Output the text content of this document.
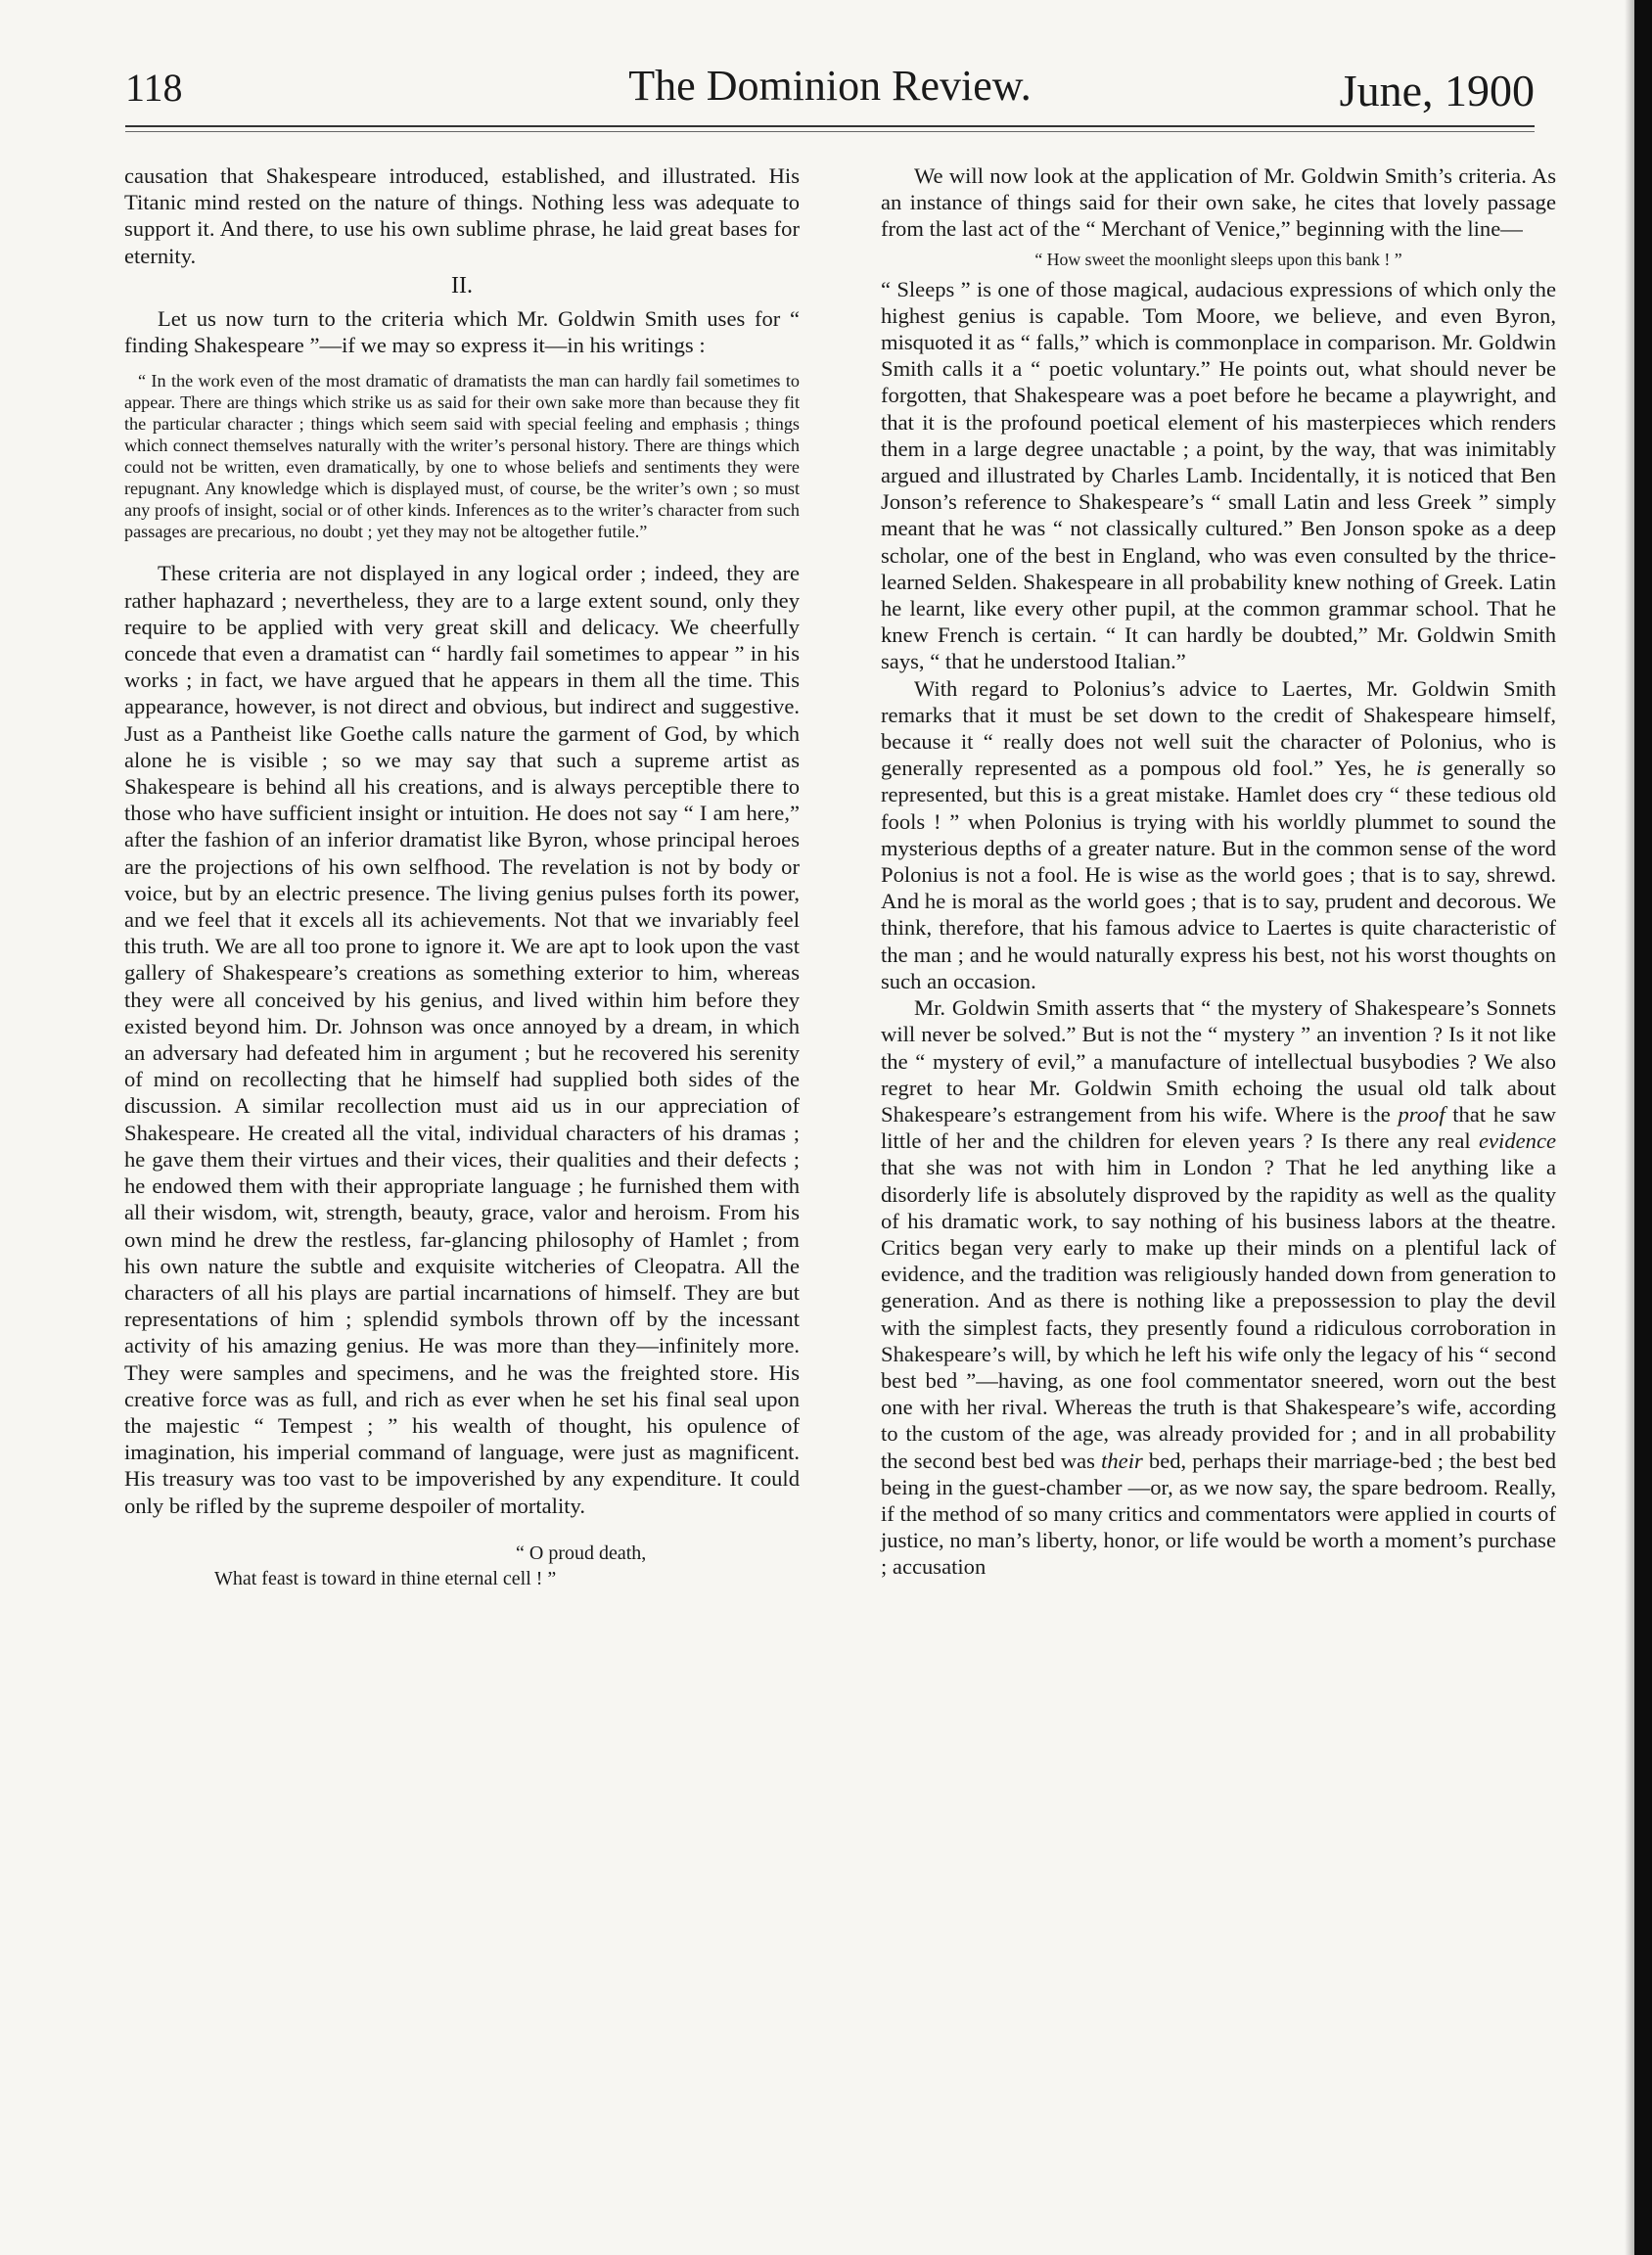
118	The Dominion Review.	June, 1900

causation that Shakespeare introduced, established, and illustrated. His Titanic mind rested on the nature of things. Nothing less was adequate to support it. And there, to use his own sublime phrase, he laid great bases for eternity.

II.

Let us now turn to the criteria which Mr. Goldwin Smith uses for “ finding Shakespeare ”—if we may so express it—in his writings :

“ In the work even of the most dramatic of dramatists the man can hardly fail sometimes to appear. There are things which strike us as said for their own sake more than because they fit the particular character ; things which seem said with special feeling and emphasis ; things which connect themselves naturally with the writer’s personal history. There are things which could not be written, even dramatically, by one to whose beliefs and sentiments they were repugnant. Any knowledge which is displayed must, of course, be the writer’s own ; so must any proofs of insight, social or of other kinds. Inferences as to the writer’s character from such passages are precarious, no doubt ; yet they may not be altogether futile.”

These criteria are not displayed in any logical order ; indeed, they are rather haphazard ; nevertheless, they are to a large extent sound, only they require to be applied with very great skill and delicacy. We cheerfully concede that even a dramatist can “ hardly fail sometimes to appear ” in his works ; in fact, we have argued that he appears in them all the time. This appearance, however, is not direct and obvious, but indirect and suggestive. Just as a Pantheist like Goethe calls nature the garment of God, by which alone he is visible ; so we may say that such a supreme artist as Shakespeare is behind all his creations, and is always perceptible there to those who have sufficient insight or intuition. He does not say “ I am here,” after the fashion of an inferior dramatist like Byron, whose principal heroes are the projections of his own selfhood. The revelation is not by body or voice, but by an electric presence. The living genius pulses forth its power, and we feel that it excels all its achievements. Not that we invariably feel this truth. We are all too prone to ignore it. We are apt to look upon the vast gallery of Shakespeare’s creations as something exterior to him, whereas they were all conceived by his genius, and lived within him before they existed beyond him. Dr. Johnson was once annoyed by a dream, in which an adversary had defeated him in argument ; but he recovered his serenity of mind on recollecting that he himself had supplied both sides of the discussion. A similar recollection must aid us in our appreciation of Shakespeare. He created all the vital, individual characters of his dramas ; he gave them their virtues and their vices, their qualities and their defects ; he endowed them with their appropriate language ; he furnished them with all their wisdom, wit, strength, beauty, grace, valor and heroism. From his own mind he drew the restless, far-glancing philosophy of Hamlet ; from his own nature the subtle and exquisite witcheries of Cleopatra. All the characters of all his plays are partial incarnations of himself. They are but representations of him ; splendid symbols thrown off by the incessant activity of his amazing genius. He was more than they—infinitely more. They were samples and specimens, and he was the freighted store. His creative force was as full, and rich as ever when he set his final seal upon the majestic “ Tempest ; ” his wealth of thought, his opulence of imagination, his imperial command of language, were just as magnificent. His treasury was too vast to be impoverished by any expenditure. It could only be rifled by the supreme despoiler of mortality.

“ O proud death,

What feast is toward in thine eternal cell ! ”

We will now look at the application of Mr. Goldwin Smith’s criteria. As an instance of things said for their own sake, he cites that lovely passage from the last act of the “ Merchant of Venice,” beginning with the line—

“ How sweet the moonlight sleeps upon this bank ! ”

“ Sleeps ” is one of those magical, audacious expressions of which only the highest genius is capable. Tom Moore, we believe, and even Byron, misquoted it as “ falls,” which is commonplace in comparison. Mr. Goldwin Smith calls it a “ poetic voluntary.” He points out, what should never be forgotten, that Shakespeare was a poet before he became a playwright, and that it is the profound poetical element of his masterpieces which renders them in a large degree unactable ; a point, by the way, that was inimitably argued and illustrated by Charles Lamb. Incidentally, it is noticed that Ben Jonson’s reference to Shakespeare’s “ small Latin and less Greek ” simply meant that he was “ not classically cultured.” Ben Jonson spoke as a deep scholar, one of the best in England, who was even consulted by the thrice-learned Selden. Shakespeare in all probability knew nothing of Greek. Latin he learnt, like every other pupil, at the common grammar school. That he knew French is certain. “ It can hardly be doubted,” Mr. Goldwin Smith says, “ that he understood Italian.”

With regard to Polonius’s advice to Laertes, Mr. Goldwin Smith remarks that it must be set down to the credit of Shakespeare himself, because it “ really does not well suit the character of Polonius, who is generally represented as a pompous old fool.” Yes, he is generally so represented, but this is a great mistake. Hamlet does cry “ these tedious old fools ! ” when Polonius is trying with his worldly plummet to sound the mysterious depths of a greater nature. But in the common sense of the word Polonius is not a fool. He is wise as the world goes ; that is to say, shrewd. And he is moral as the world goes ; that is to say, prudent and decorous. We think, therefore, that his famous advice to Laertes is quite characteristic of the man ; and he would naturally express his best, not his worst thoughts on such an occasion.

Mr. Goldwin Smith asserts that “ the mystery of Shakespeare’s Sonnets will never be solved.” But is not the “ mystery ” an invention ? Is it not like the “ mystery of evil,” a manufacture of intellectual busybodies ? We also regret to hear Mr. Goldwin Smith echoing the usual old talk about Shakespeare’s estrangement from his wife. Where is the proof that he saw little of her and the children for eleven years ? Is there any real evidence that she was not with him in London ? That he led anything like a disorderly life is absolutely disproved by the rapidity as well as the quality of his dramatic work, to say nothing of his business labors at the theatre. Critics began very early to make up their minds on a plentiful lack of evidence, and the tradition was religiously handed down from generation to generation. And as there is nothing like a prepossession to play the devil with the simplest facts, they presently found a ridiculous corroboration in Shakespeare’s will, by which he left his wife only the legacy of his “ second best bed ”—having, as one fool commentator sneered, worn out the best one with her rival. Whereas the truth is that Shakespeare’s wife, according to the custom of the age, was already provided for ; and in all probability the second best bed was their bed, perhaps their marriage-bed ; the best bed being in the guest-chamber —or, as we now say, the spare bedroom. Really, if the method of so many critics and commentators were applied in courts of justice, no man’s liberty, honor, or life would be worth a moment’s purchase ; accusation
